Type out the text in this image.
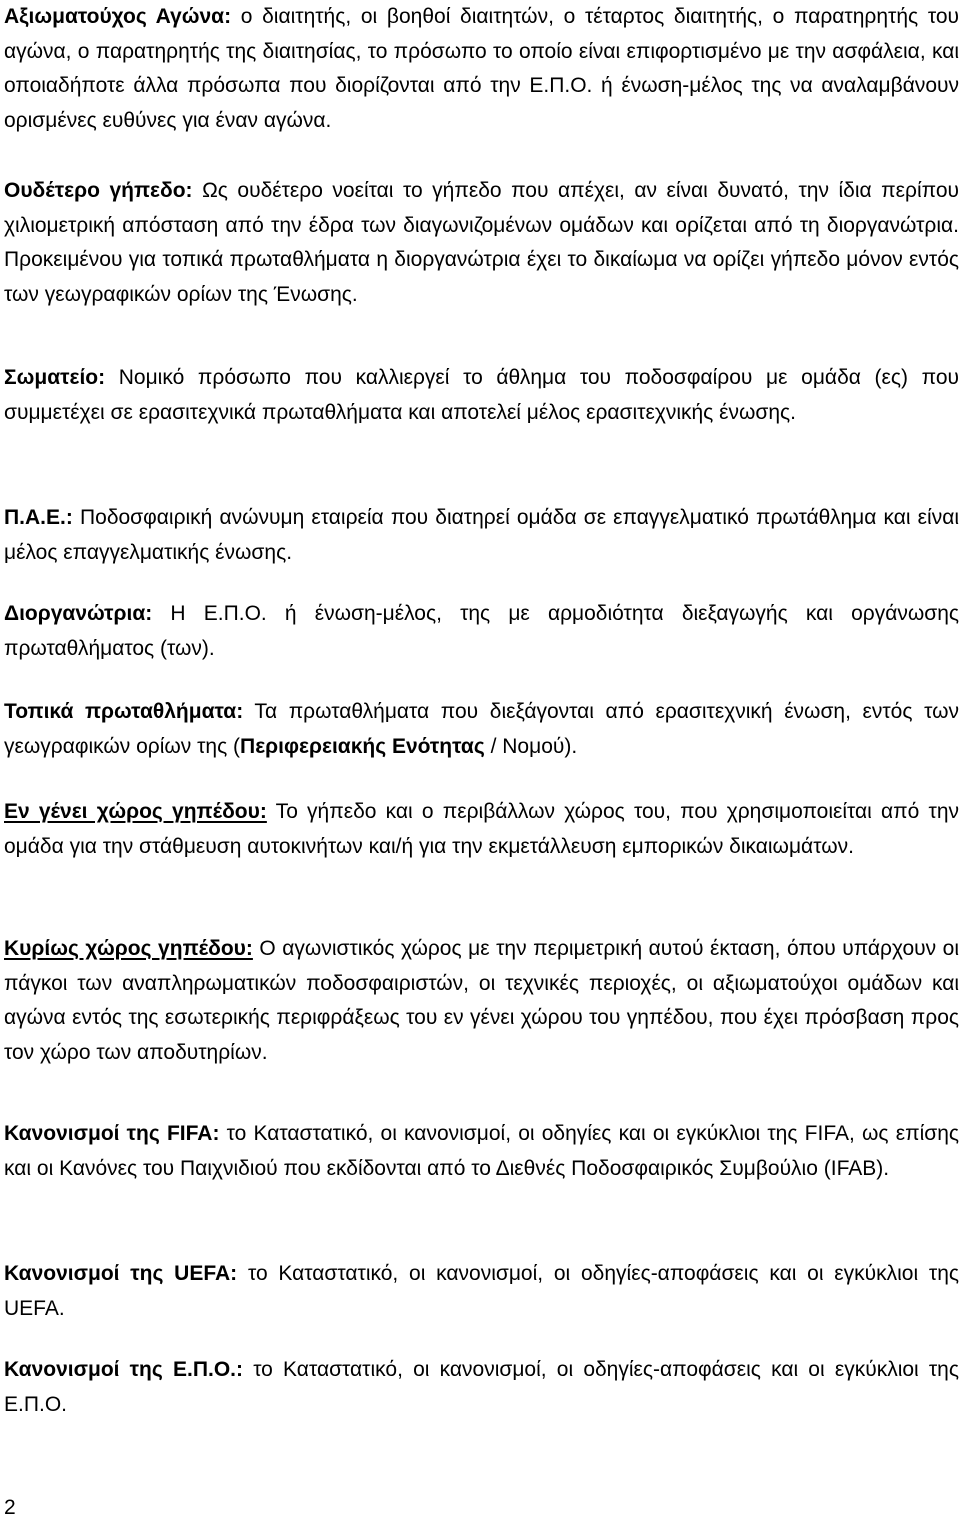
Αξιωματούχος Αγώνα: ο διαιτητής, οι βοηθοί διαιτητών, ο τέταρτος διαιτητής, ο παρατηρητής του αγώνα, ο παρατηρητής της διαιτησίας, το πρόσωπο το οποίο είναι επιφορτισμένο με την ασφάλεια, και οποιαδήποτε άλλα πρόσωπα που διορίζονται από την Ε.Π.Ο. ή ένωση-μέλος της να αναλαμβάνουν ορισμένες ευθύνες για έναν αγώνα.

Ουδέτερο γήπεδο: Ως ουδέτερο νοείται το γήπεδο που απέχει, αν είναι δυνατό, την ίδια περίπου χιλιομετρική απόσταση από την έδρα των διαγωνιζομένων ομάδων και ορίζεται από τη διοργανώτρια. Προκειμένου για τοπικά πρωταθλήματα η διοργανώτρια έχει το δικαίωμα να ορίζει γήπεδο μόνον εντός των γεωγραφικών ορίων της Ένωσης.

Σωματείο: Νομικό πρόσωπο που καλλιεργεί το άθλημα του ποδοσφαίρου με ομάδα (ες) που συμμετέχει σε ερασιτεχνικά πρωταθλήματα και αποτελεί μέλος ερασιτεχνικής ένωσης.

Π.Α.Ε.: Ποδοσφαιρική ανώνυμη εταιρεία που διατηρεί ομάδα σε επαγγελματικό πρωτάθλημα και είναι μέλος επαγγελματικής ένωσης.

Διοργανώτρια: Η Ε.Π.Ο. ή ένωση-μέλος, της με αρμοδιότητα διεξαγωγής και οργάνωσης πρωταθλήματος (των).

Τοπικά πρωταθλήματα: Τα πρωταθλήματα που διεξάγονται από ερασιτεχνική ένωση, εντός των γεωγραφικών ορίων της (Περιφερειακής Ενότητας / Νομού).

Εν γένει χώρος γηπέδου: Το γήπεδο και ο περιβάλλων χώρος του, που χρησιμοποιείται από την ομάδα για την στάθμευση αυτοκινήτων και/ή για την εκμετάλλευση εμπορικών δικαιωμάτων.

Κυρίως χώρος γηπέδου: Ο αγωνιστικός χώρος με την περιμετρική αυτού έκταση, όπου υπάρχουν οι πάγκοι των αναπληρωματικών ποδοσφαιριστών, οι τεχνικές περιοχές, οι αξιωματούχοι ομάδων και αγώνα εντός της εσωτερικής περιφράξεως του εν γένει χώρου του γηπέδου, που έχει πρόσβαση προς τον χώρο των αποδυτηρίων.

Κανονισμοί της FIFA: το Καταστατικό, οι κανονισμοί, οι οδηγίες και οι εγκύκλιοι της FIFA, ως επίσης και οι Κανόνες του Παιχνιδιού που εκδίδονται από το Διεθνές Ποδοσφαιρικός Συμβούλιο (IFAB).

Κανονισμοί της UEFA: το Καταστατικό, οι κανονισμοί, οι οδηγίες-αποφάσεις και οι εγκύκλιοι της UEFA.

Κανονισμοί της Ε.Π.Ο.: το Καταστατικό, οι κανονισμοί, οι οδηγίες-αποφάσεις και οι εγκύκλιοι της Ε.Π.Ο.

2
